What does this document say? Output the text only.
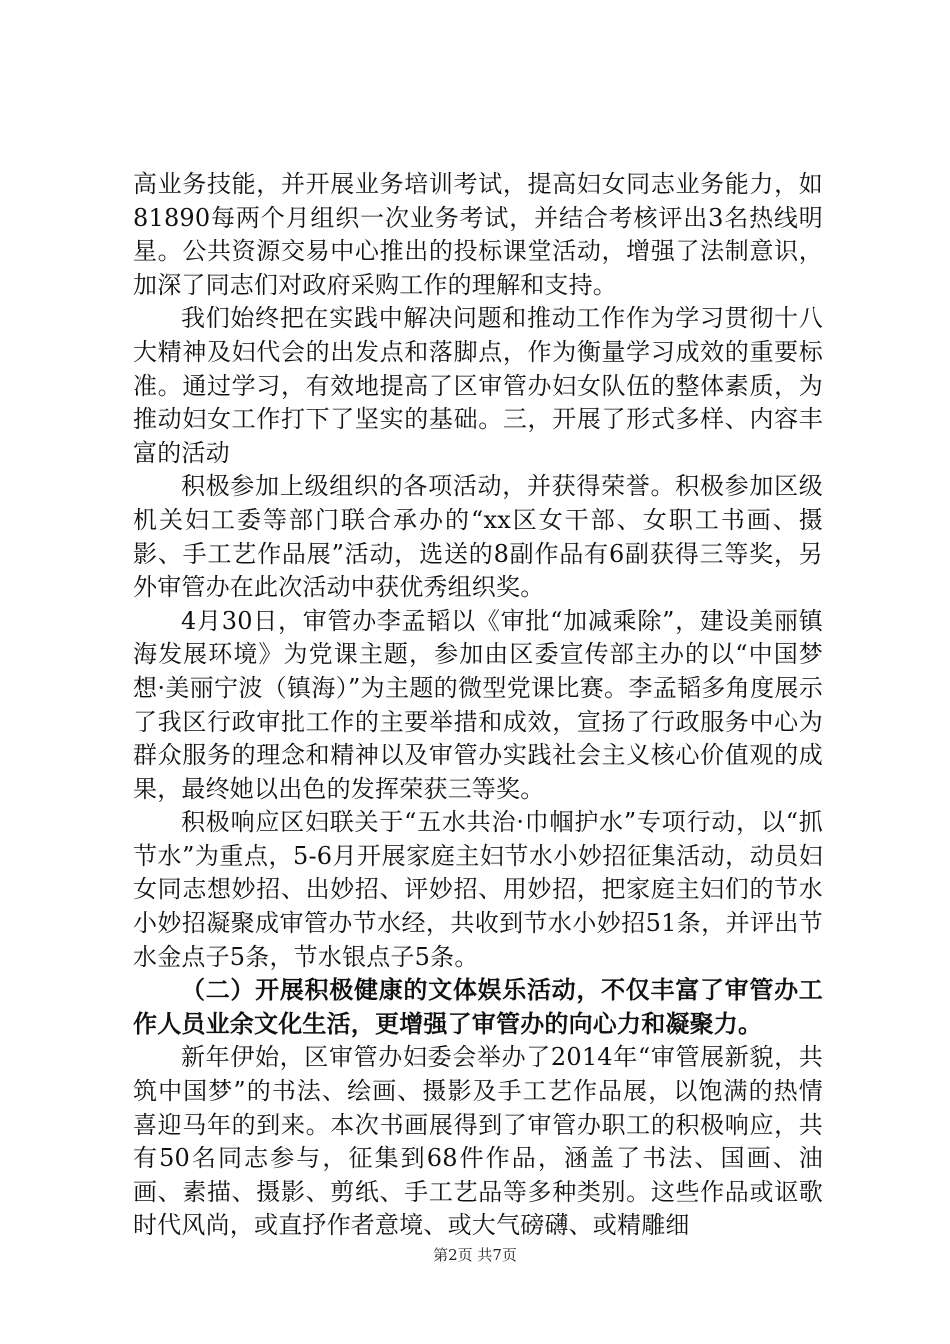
高业务技能，并开展业务培训考试，提高妇女同志业务能力，如81890每两个月组织一次业务考试，并结合考核评出3名热线明星。公共资源交易中心推出的投标课堂活动，增强了法制意识，加深了同志们对政府采购工作的理解和支持。

我们始终把在实践中解决问题和推动工作作为学习贯彻十八大精神及妇代会的出发点和落脚点，作为衡量学习成效的重要标准。通过学习，有效地提高了区审管办妇女队伍的整体素质，为推动妇女工作打下了坚实的基础。三，开展了形式多样、内容丰富的活动

积极参加上级组织的各项活动，并获得荣誉。积极参加区级机关妇工委等部门联合承办的“xx区女干部、女职工书画、摄影、手工艺作品展”活动，选送的8副作品有6副获得三等奖，另外审管办在此次活动中获优秀组织奖。

4月30日，审管办李孟韬以《审批“加减乘除”，建设美丽镇海发展环境》为党课主题，参加由区委宣传部主办的以“中国梦想·美丽宁波（镇海）”为主题的微型党课比赛。李孟韬多角度展示了我区行政审批工作的主要举措和成效，宣扬了行政服务中心为群众服务的理念和精神以及审管办实践社会主义核心价值观的成果，最终她以出色的发挥荣获三等奖。

积极响应区妇联关于“五水共治·巾帼护水”专项行动，以“抓节水”为重点，5-6月开展家庭主妇节水小妙招征集活动，动员妇女同志想妙招、出妙招、评妙招、用妙招，把家庭主妇们的节水小妙招凝聚成审管办节水经，共收到节水小妙招51条，并评出节水金点子5条，节水银点子5条。

（二）开展积极健康的文体娱乐活动，不仅丰富了审管办工作人员业余文化生活，更增强了审管办的向心力和凝聚力。

新年伊始，区审管办妇委会举办了2014年“审管展新貌，共筑中国梦”的书法、绘画、摄影及手工艺作品展，以饱满的热情喜迎马年的到来。本次书画展得到了审管办职工的积极响应，共有50名同志参与，征集到68件作品，涵盖了书法、国画、油画、素描、摄影、剪纸、手工艺品等多种类别。这些作品或讴歌时代风尚，或直抒作者意境、或大气磅礴、或精雕细

第2页 共7页
